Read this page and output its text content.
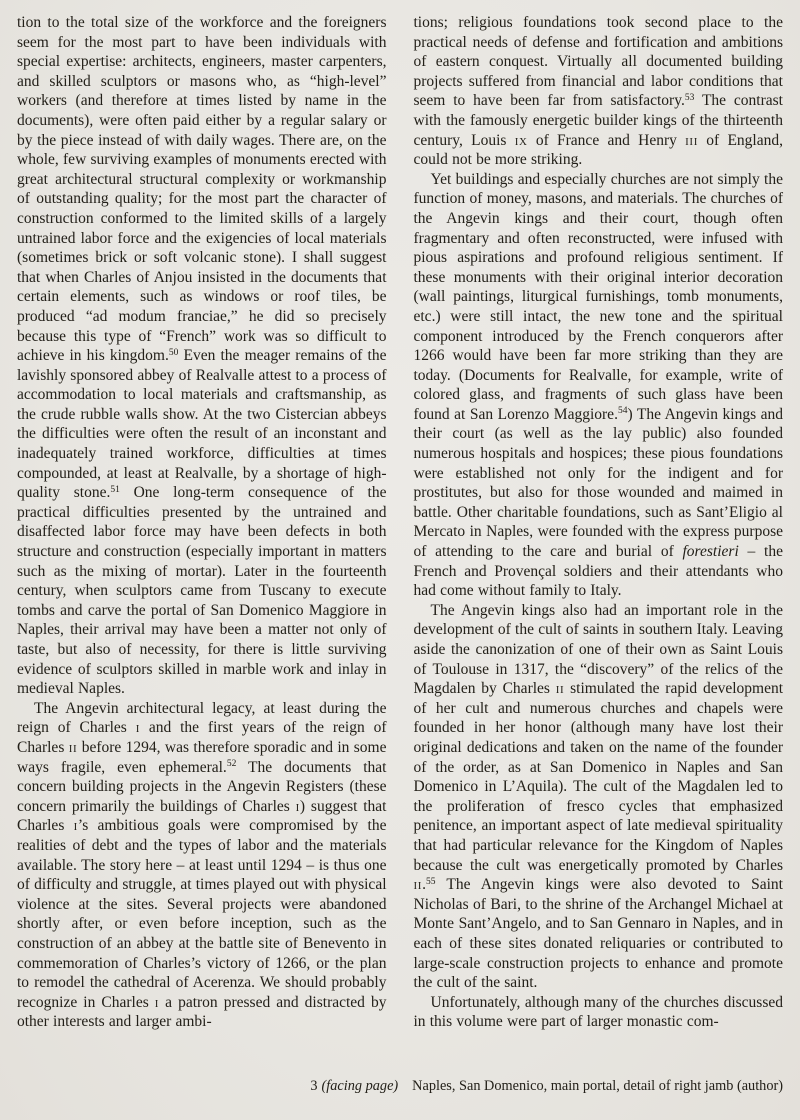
tion to the total size of the workforce and the foreigners seem for the most part to have been individuals with special expertise: architects, engineers, master carpenters, and skilled sculptors or masons who, as “high-level” workers (and therefore at times listed by name in the documents), were often paid either by a regular salary or by the piece instead of with daily wages. There are, on the whole, few surviving examples of monuments erected with great architectural structural complexity or workmanship of outstanding quality; for the most part the character of construction conformed to the limited skills of a largely untrained labor force and the exigencies of local materials (sometimes brick or soft volcanic stone). I shall suggest that when Charles of Anjou insisted in the documents that certain elements, such as windows or roof tiles, be produced “ad modum franciae,” he did so precisely because this type of “French” work was so difficult to achieve in his kingdom.$^{50}$ Even the meager remains of the lavishly sponsored abbey of Realvalle attest to a process of accommodation to local materials and craftsmanship, as the crude rubble walls show. At the two Cistercian abbeys the difficulties were often the result of an inconstant and inadequately trained workforce, difficulties at times compounded, at least at Realvalle, by a shortage of high-quality stone.$^{51}$ One long-term consequence of the practical difficulties presented by the untrained and disaffected labor force may have been defects in both structure and construction (especially important in matters such as the mixing of mortar). Later in the fourteenth century, when sculptors came from Tuscany to execute tombs and carve the portal of San Domenico Maggiore in Naples, their arrival may have been a matter not only of taste, but also of necessity, for there is little surviving evidence of sculptors skilled in marble work and inlay in medieval Naples.

The Angevin architectural legacy, at least during the reign of Charles i and the first years of the reign of Charles ii before 1294, was therefore sporadic and in some ways fragile, even ephemeral.$^{52}$ The documents that concern building projects in the Angevin Registers (these concern primarily the buildings of Charles i) suggest that Charles i’s ambitious goals were compromised by the realities of debt and the types of labor and the materials available. The story here – at least until 1294 – is thus one of difficulty and struggle, at times played out with physical violence at the sites. Several projects were abandoned shortly after, or even before inception, such as the construction of an abbey at the battle site of Benevento in commemoration of Charles’s victory of 1266, or the plan to remodel the cathedral of Acerenza. We should probably recognize in Charles i a patron pressed and distracted by other interests and larger ambi-

tions; religious foundations took second place to the practical needs of defense and fortification and ambitions of eastern conquest. Virtually all documented building projects suffered from financial and labor conditions that seem to have been far from satisfactory.$^{53}$ The contrast with the famously energetic builder kings of the thirteenth century, Louis ix of France and Henry iii of England, could not be more striking.

Yet buildings and especially churches are not simply the function of money, masons, and materials. The churches of the Angevin kings and their court, though often fragmentary and often reconstructed, were infused with pious aspirations and profound religious sentiment. If these monuments with their original interior decoration (wall paintings, liturgical furnishings, tomb monuments, etc.) were still intact, the new tone and the spiritual component introduced by the French conquerors after 1266 would have been far more striking than they are today. (Documents for Realvalle, for example, write of colored glass, and fragments of such glass have been found at San Lorenzo Maggiore.$^{54}$) The Angevin kings and their court (as well as the lay public) also founded numerous hospitals and hospices; these pious foundations were established not only for the indigent and for prostitutes, but also for those wounded and maimed in battle. Other charitable foundations, such as Sant’Eligio al Mercato in Naples, were founded with the express purpose of attending to the care and burial of forestieri – the French and Provençal soldiers and their attendants who had come without family to Italy.

The Angevin kings also had an important role in the development of the cult of saints in southern Italy. Leaving aside the canonization of one of their own as Saint Louis of Toulouse in 1317, the “discovery” of the relics of the Magdalen by Charles ii stimulated the rapid development of her cult and numerous churches and chapels were founded in her honor (although many have lost their original dedications and taken on the name of the founder of the order, as at San Domenico in Naples and San Domenico in L’Aquila). The cult of the Magdalen led to the proliferation of fresco cycles that emphasized penitence, an important aspect of late medieval spirituality that had particular relevance for the Kingdom of Naples because the cult was energetically promoted by Charles ii.$^{55}$ The Angevin kings were also devoted to Saint Nicholas of Bari, to the shrine of the Archangel Michael at Monte Sant’Angelo, and to San Gennaro in Naples, and in each of these sites donated reliquaries or contributed to large-scale construction projects to enhance and promote the cult of the saint.

Unfortunately, although many of the churches discussed in this volume were part of larger monastic com-

3 (facing page) Naples, San Domenico, main portal, detail of right jamb (author)
